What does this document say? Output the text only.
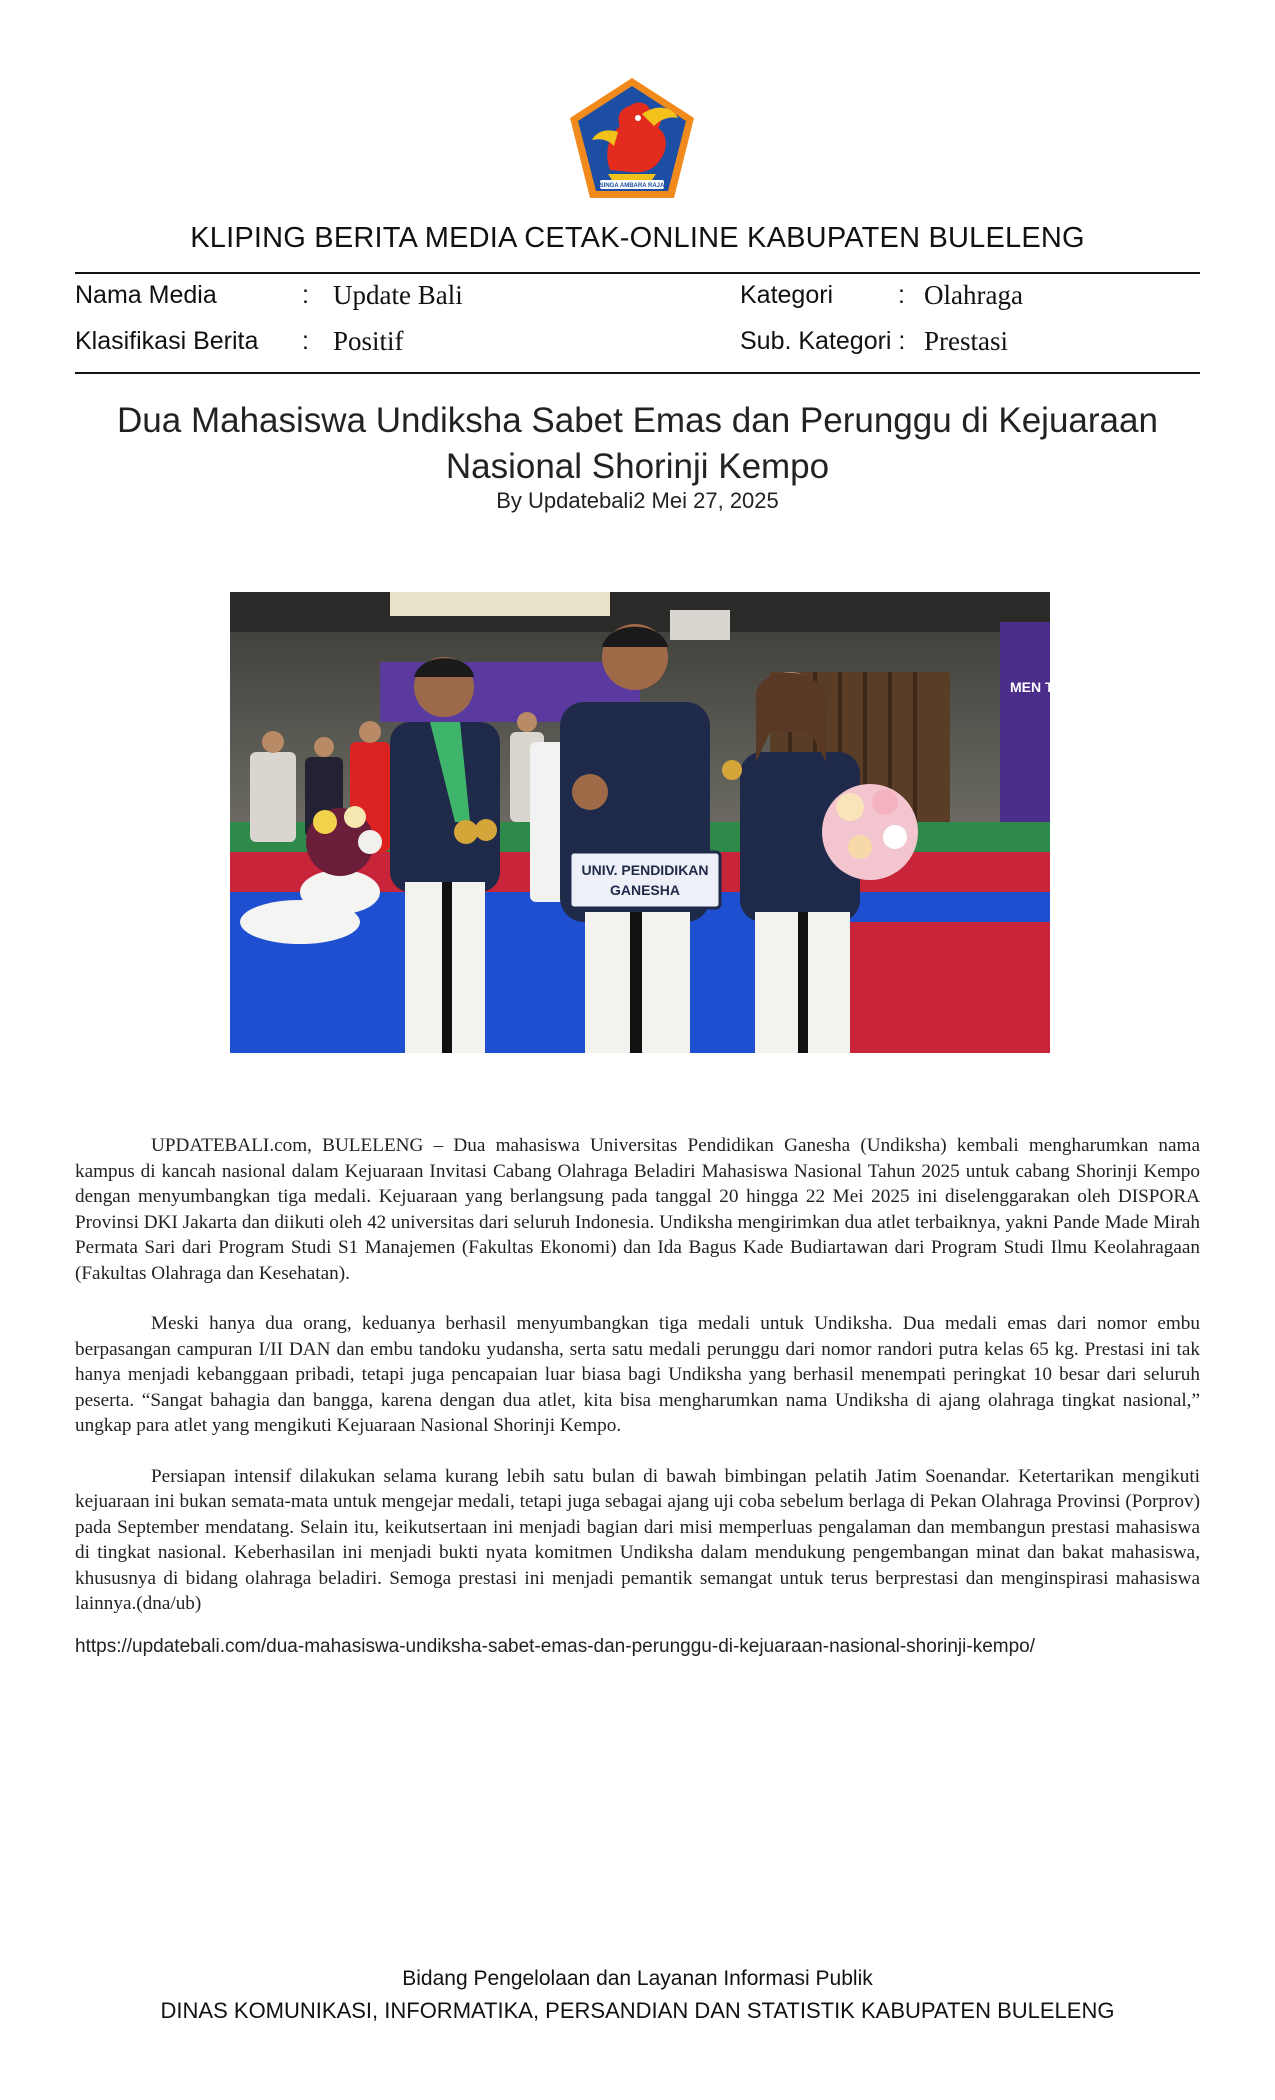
SINGA AMBARA RAJA
KLIPING BERITA MEDIA CETAK-ONLINE KABUPATEN BULELENG
Nama Media	: Update Bali
Klasifikasi Berita : Positif
Kategori	: Olahraga
Sub. Kategori : Prestasi
Dua Mahasiswa Undiksha Sabet Emas dan Perunggu di Kejuaraan
Nasional Shorinji Kempo
By Updatebali2 Mei 27, 2025
MEN TAP ADA
UNIV. PENDIDIKAN
GANESHA

UPDATEBALI.com, BULELENG – Dua mahasiswa Universitas Pendidikan Ganesha (Undiksha) kembali mengharumkan nama kampus di kancah nasional dalam Kejuaraan Invitasi Cabang Olahraga Beladiri Mahasiswa Nasional Tahun 2025 untuk cabang Shorinji Kempo dengan menyumbangkan tiga medali. Kejuaraan yang berlangsung pada tanggal 20 hingga 22 Mei 2025 ini diselenggarakan oleh DISPORA Provinsi DKI Jakarta dan diikuti oleh 42 universitas dari seluruh Indonesia. Undiksha mengirimkan dua atlet terbaiknya, yakni Pande Made Mirah Permata Sari dari Program Studi S1 Manajemen (Fakultas Ekonomi) dan Ida Bagus Kade Budiartawan dari Program Studi Ilmu Keolahragaan (Fakultas Olahraga dan Kesehatan).

Meski hanya dua orang, keduanya berhasil menyumbangkan tiga medali untuk Undiksha. Dua medali emas dari nomor embu berpasangan campuran I/II DAN dan embu tandoku yudansha, serta satu medali perunggu dari nomor randori putra kelas 65 kg. Prestasi ini tak hanya menjadi kebanggaan pribadi, tetapi juga pencapaian luar biasa bagi Undiksha yang berhasil menempati peringkat 10 besar dari seluruh peserta. “Sangat bahagia dan bangga, karena dengan dua atlet, kita bisa mengharumkan nama Undiksha di ajang olahraga tingkat nasional,” ungkap para atlet yang mengikuti Kejuaraan Nasional Shorinji Kempo.

Persiapan intensif dilakukan selama kurang lebih satu bulan di bawah bimbingan pelatih Jatim Soenandar. Ketertarikan mengikuti kejuaraan ini bukan semata-mata untuk mengejar medali, tetapi juga sebagai ajang uji coba sebelum berlaga di Pekan Olahraga Provinsi (Porprov) pada September mendatang. Selain itu, keikutsertaan ini menjadi bagian dari misi memperluas pengalaman dan membangun prestasi mahasiswa di tingkat nasional. Keberhasilan ini menjadi bukti nyata komitmen Undiksha dalam mendukung pengembangan minat dan bakat mahasiswa, khususnya di bidang olahraga beladiri. Semoga prestasi ini menjadi pemantik semangat untuk terus berprestasi dan menginspirasi mahasiswa lainnya.(dna/ub)

https://updatebali.com/dua-mahasiswa-undiksha-sabet-emas-dan-perunggu-di-kejuaraan-nasional-shorinji-kempo/
Bidang Pengelolaan dan Layanan Informasi Publik
DINAS KOMUNIKASI, INFORMATIKA, PERSANDIAN DAN STATISTIK KABUPATEN BULELENG
